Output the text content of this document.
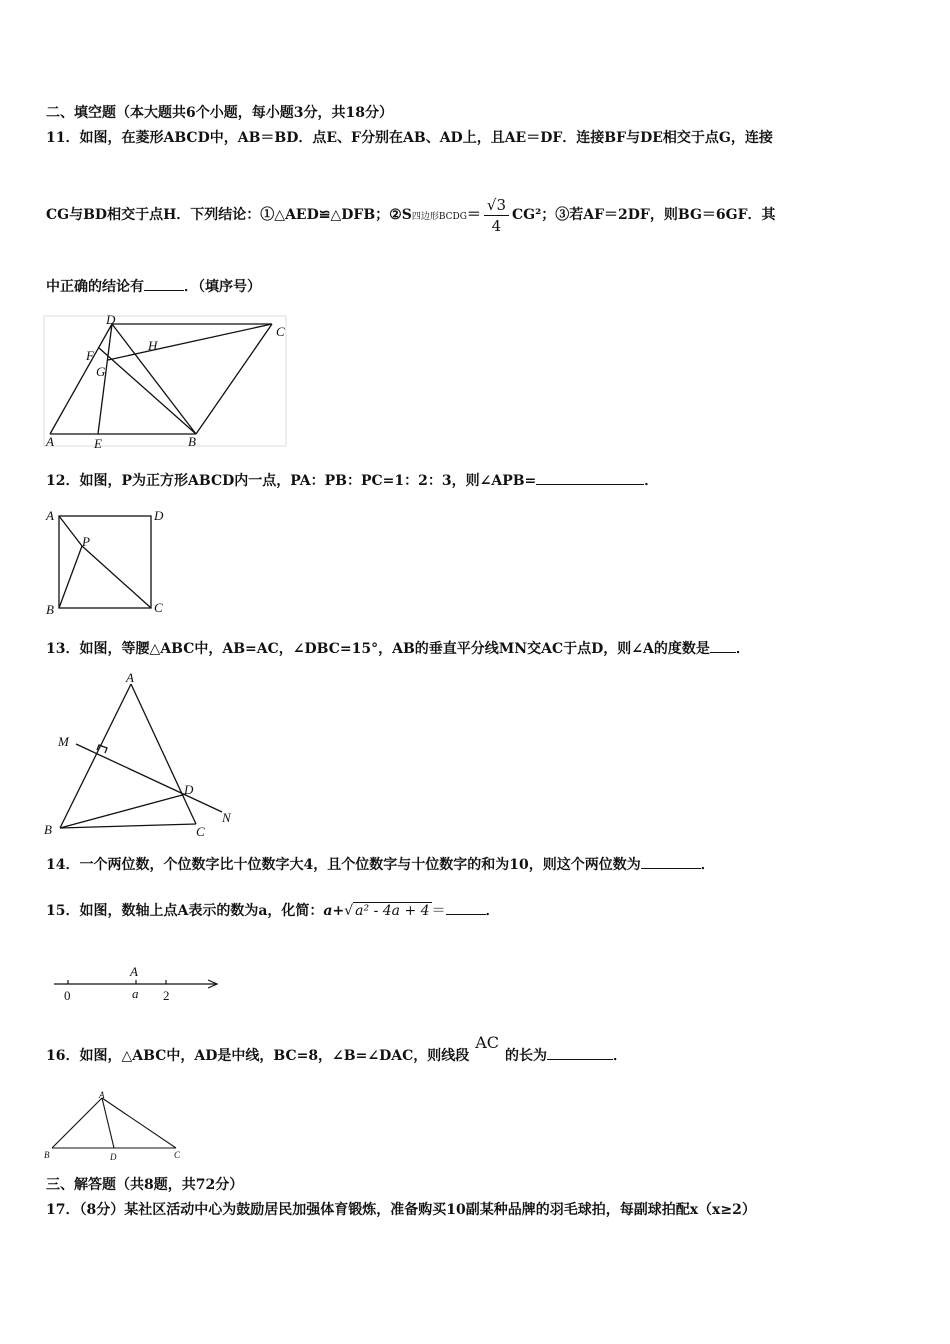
二、填空题（本大题共6个小题，每小题3分，共18分）
11．如图，在菱形ABCD中，AB＝BD．点E、F分别在AB、AD上，且AE＝DF．连接BF与DE相交于点G，连接
CG与BD相交于点H．下列结论：①△AED≌△DFB；②S四边形BCDG＝ $\frac{√3}{4} CG^2$；③若AF＝2DF，则BG＝6GF．其
中正确的结论有	．（填序号）
D
C
H
F
G
A	E	B
12．如图，P为正方形ABCD内一点，PA：PB：PC=1：2：3，则∠APB=	．
A	D
P
B	C
13．如图，等腰△ABC中，AB=AC，∠DBC=15°，AB的垂直平分线MN交AC于点D，则∠A的度数是 ．
A
M
D
N
B	C
14．一个两位数，个位数字比十位数字大4，且个位数字与十位数字的和为10，则这个两位数为	．
15．如图，数轴上点A表示的数为a，化简：a+√ a² - 4a + 4 ＝	．
A
0	a 2
16．如图，△ABC中，AD是中线，BC=8，∠B=∠DAC，则线段AC的长为	．
A
B	D	C
三、解答题（共8题，共72分）
17．（8分）某社区活动中心为鼓励居民加强体育锻炼，准备购买10副某种品牌的羽毛球拍，每副球拍配x（x≥2）
